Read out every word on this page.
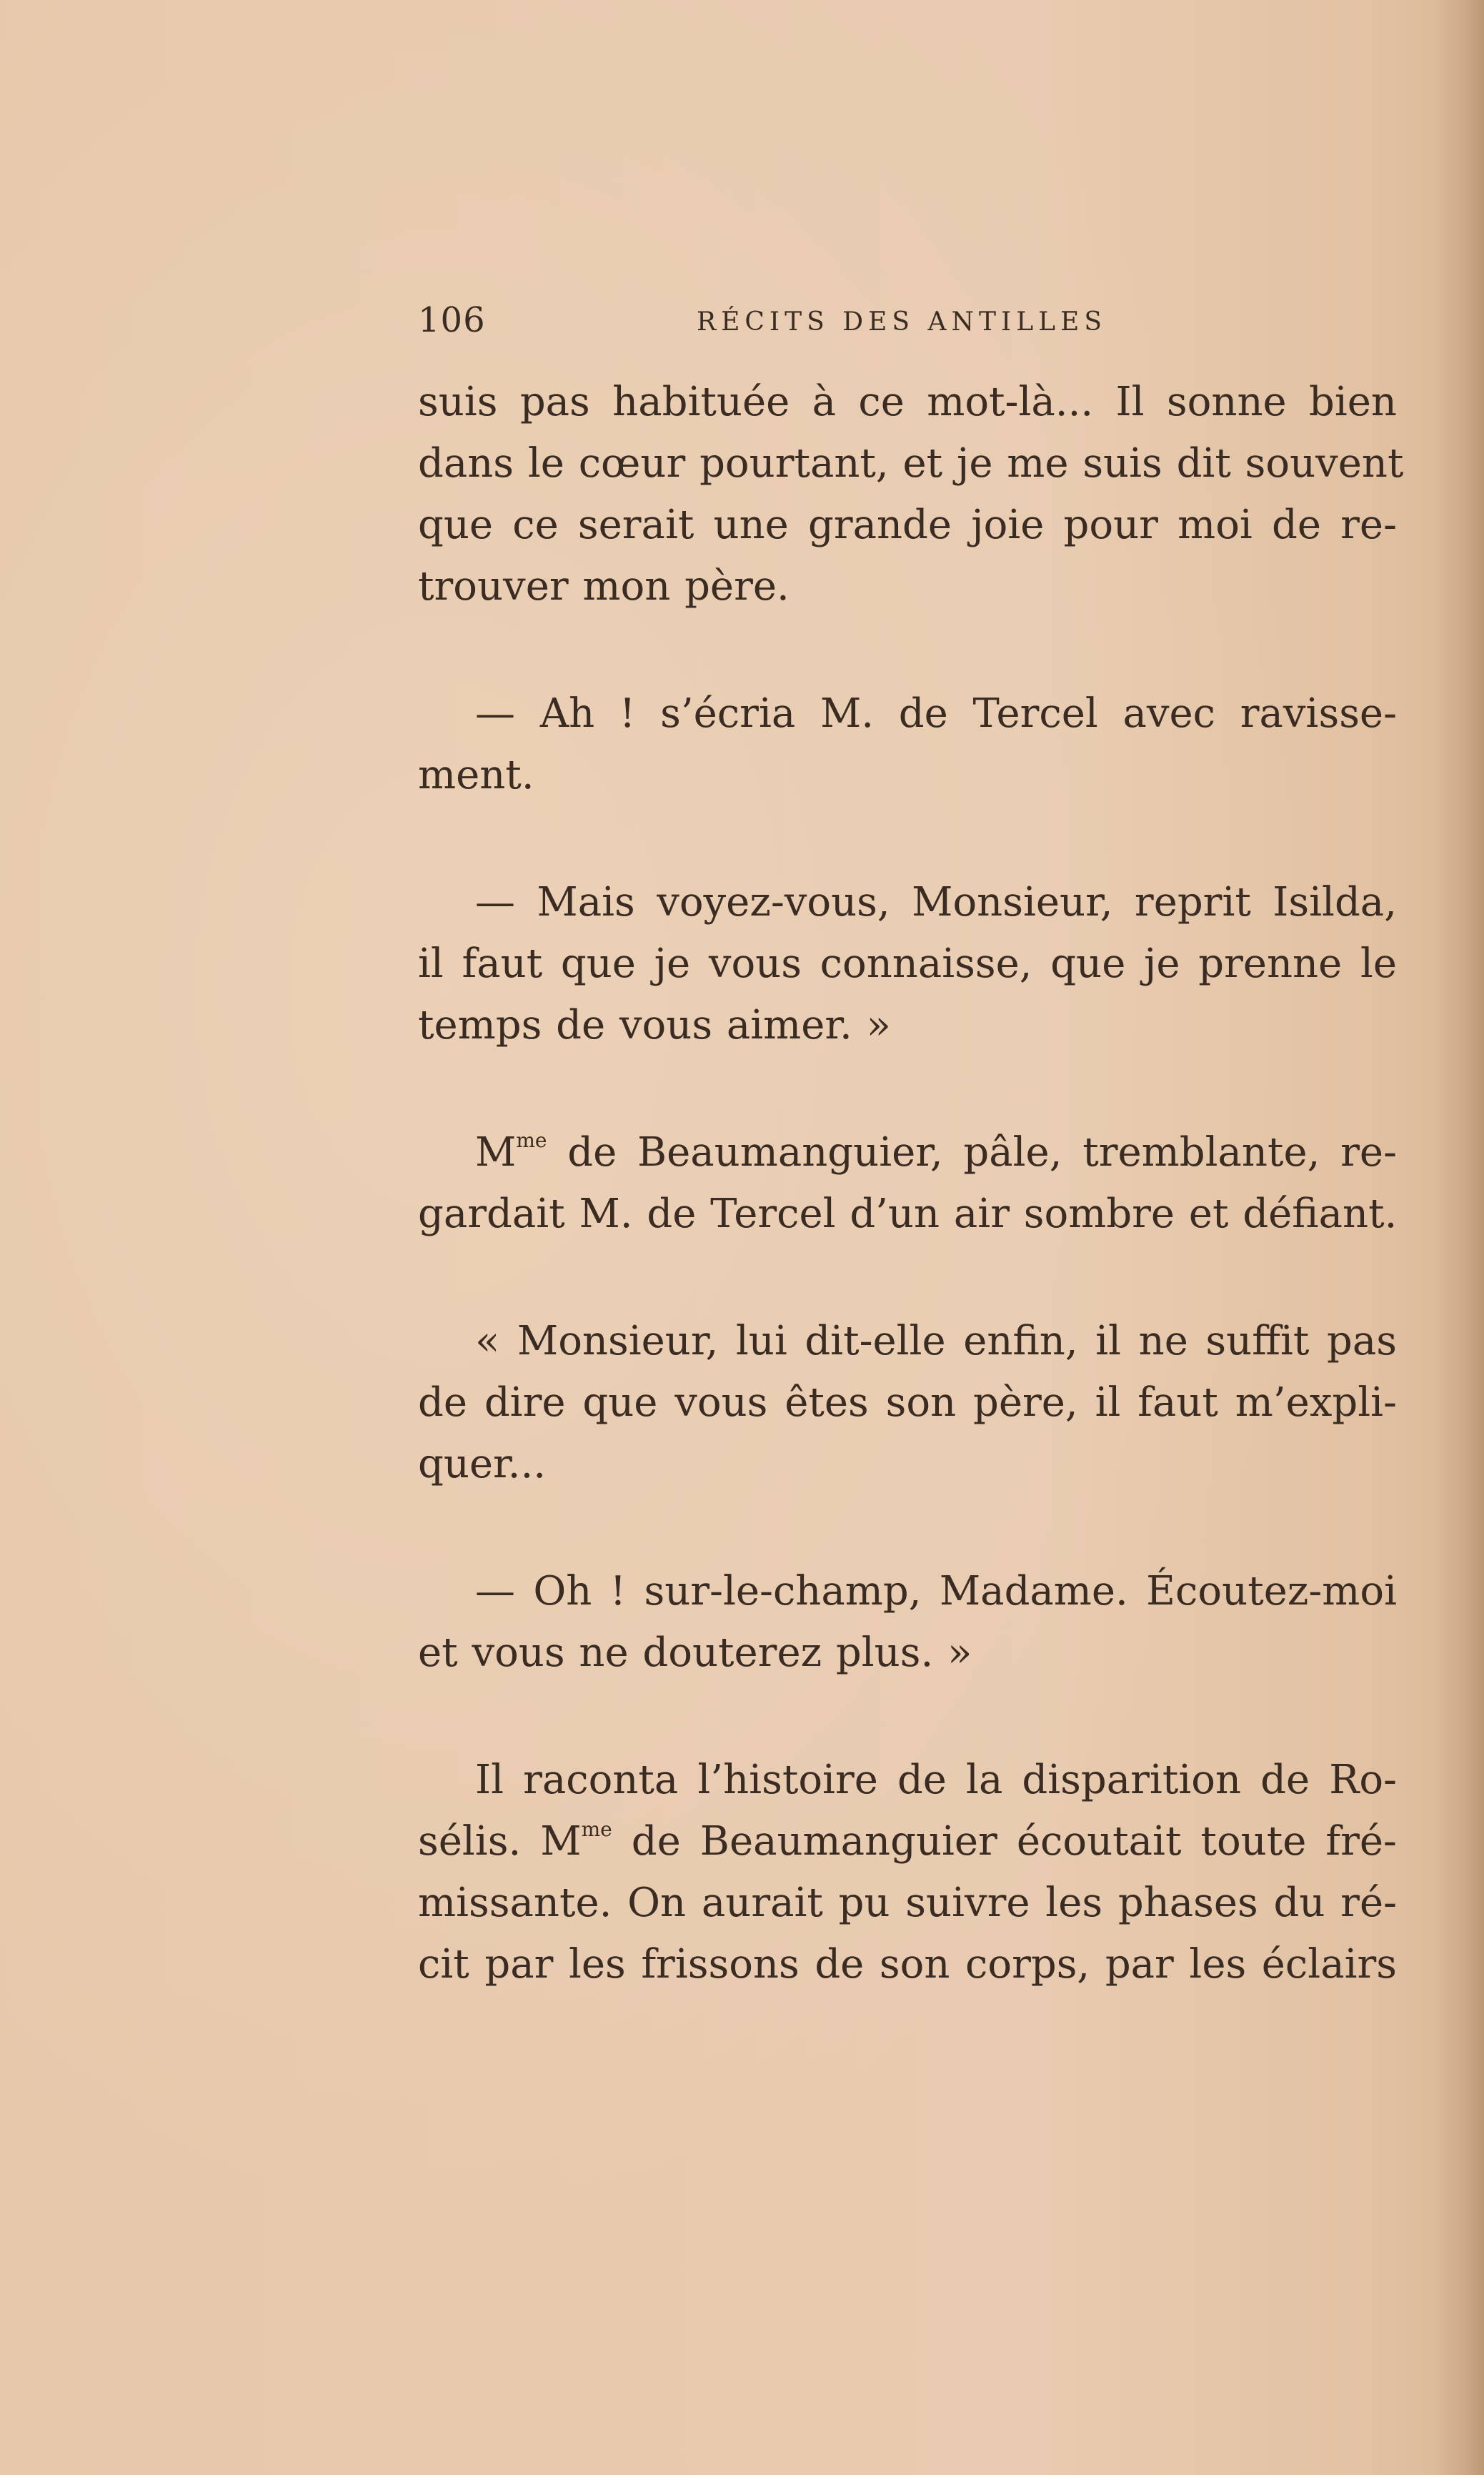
106	RÉCITS DES ANTILLES

suis pas habituée à ce mot-là... Il sonne bien
dans le cœur pourtant, et je me suis dit souvent
que ce serait une grande joie pour moi de re-
trouver mon père.

— Ah ! s’écria M. de Tercel avec ravisse-
ment.

— Mais voyez-vous, Monsieur, reprit Isilda,
il faut que je vous connaisse, que je prenne le
temps de vous aimer. »

$M^{me}$ de Beaumanguier, pâle, tremblante, re-
gardait M. de Tercel d’un air sombre et défiant.

« Monsieur, lui dit-elle enfin, il ne suffit pas
de dire que vous êtes son père, il faut m’expli-
quer...

— Oh ! sur-le-champ, Madame. Écoutez-moi
et vous ne douterez plus. »

Il raconta l’histoire de la disparition de Ro-
sélis. $M^{me}$ de Beaumanguier écoutait toute fré-
missante. On aurait pu suivre les phases du ré-
cit par les frissons de son corps, par les éclairs
